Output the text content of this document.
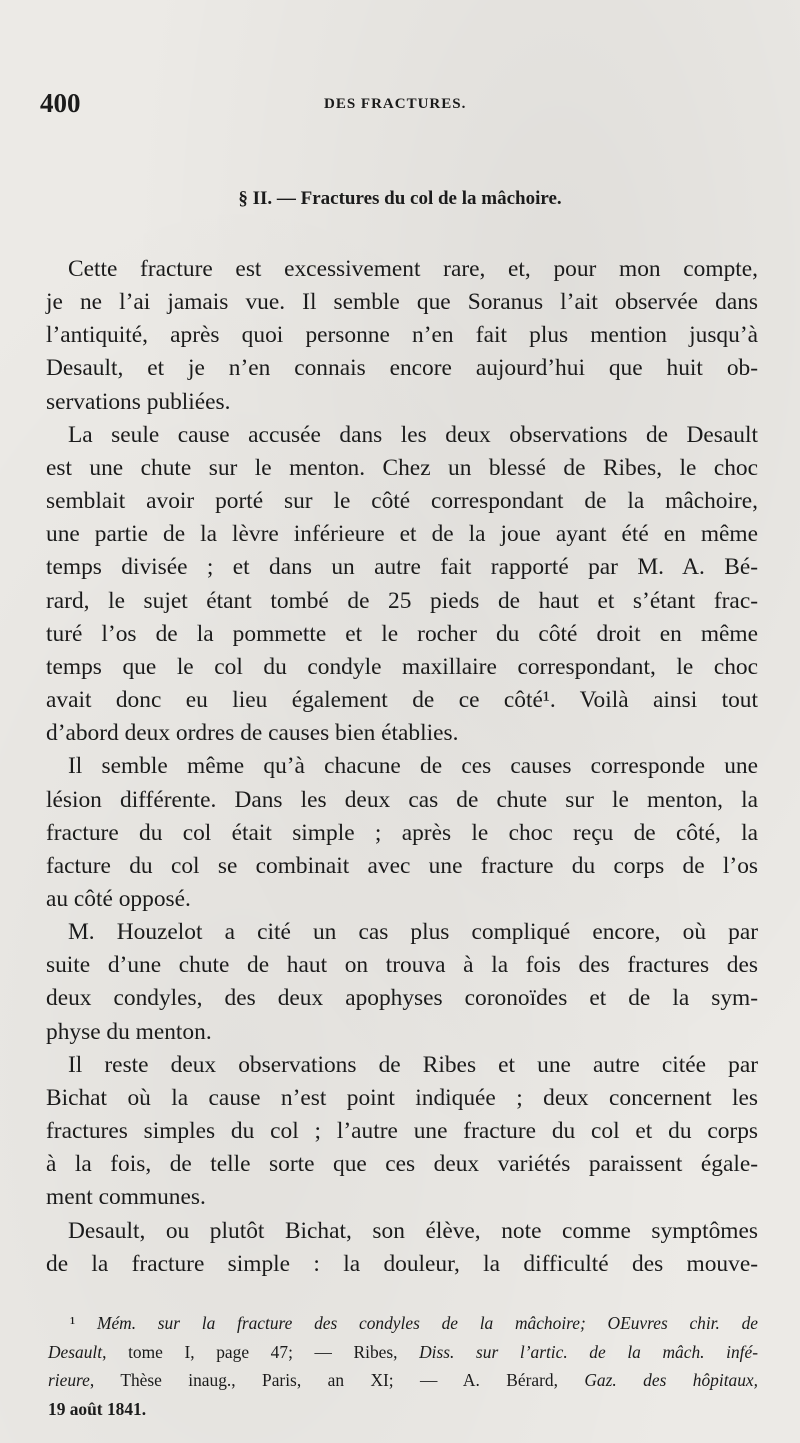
400	DES FRACTURES.
§ II. — Fractures du col de la mâchoire.
Cette fracture est excessivement rare, et, pour mon compte,
je ne l’ai jamais vue. Il semble que Soranus l’ait observée dans
l’antiquité, après quoi personne n’en fait plus mention jusqu’à
Desault, et je n’en connais encore aujourd’hui que huit ob-
servations publiées.
La seule cause accusée dans les deux observations de Desault
est une chute sur le menton. Chez un blessé de Ribes, le choc
semblait avoir porté sur le côté correspondant de la mâchoire,
une partie de la lèvre inférieure et de la joue ayant été en même
temps divisée ; et dans un autre fait rapporté par M. A. Bé-
rard, le sujet étant tombé de 25 pieds de haut et s’étant frac-
turé l’os de la pommette et le rocher du côté droit en même
temps que le col du condyle maxillaire correspondant, le choc
avait donc eu lieu également de ce côté¹. Voilà ainsi tout
d’abord deux ordres de causes bien établies.
Il semble même qu’à chacune de ces causes corresponde une
lésion différente. Dans les deux cas de chute sur le menton, la
fracture du col était simple ; après le choc reçu de côté, la
facture du col se combinait avec une fracture du corps de l’os
au côté opposé.
M. Houzelot a cité un cas plus compliqué encore, où par
suite d’une chute de haut on trouva à la fois des fractures des
deux condyles, des deux apophyses coronoïdes et de la sym-
physe du menton.
Il reste deux observations de Ribes et une autre citée par
Bichat où la cause n’est point indiquée ; deux concernent les
fractures simples du col ; l’autre une fracture du col et du corps
à la fois, de telle sorte que ces deux variétés paraissent égale-
ment communes.
Desault, ou plutôt Bichat, son élève, note comme symptômes
de la fracture simple : la douleur, la difficulté des mouve-
¹ Mém. sur la fracture des condyles de la mâchoire; OEuvres chir. de
Desault, tome I, page 47; — Ribes, Diss. sur l’artic. de la mâch. infé-
rieure, Thèse inaug., Paris, an XI; — A. Bérard, Gaz. des hôpitaux,
19 août 1841.
